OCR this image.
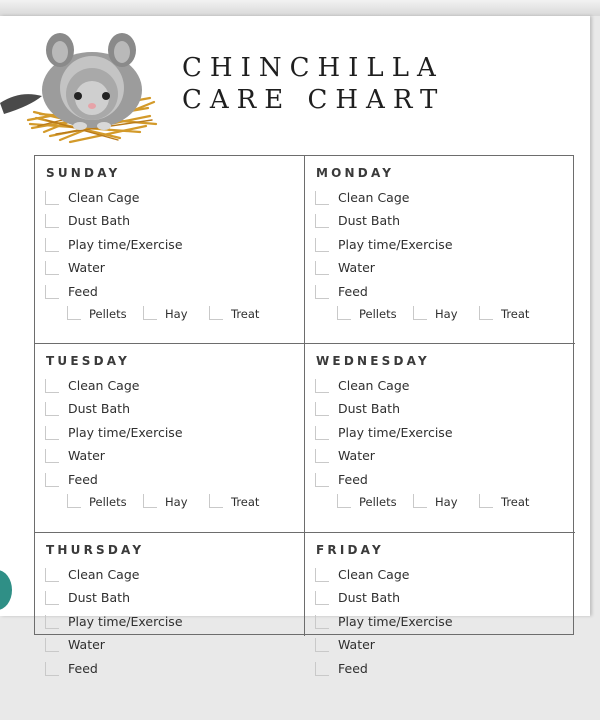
CHINCHILLA
CARE CHART
SUNDAY
Clean Cage
Dust Bath
Play time/Exercise
Water
Feed
Pellets	Hay	Treat
MONDAY
Clean Cage
Dust Bath
Play time/Exercise
Water
Feed
Pellets	Hay	Treat
TUESDAY
Clean Cage
Dust Bath
Play time/Exercise
Water
Feed
Pellets	Hay	Treat
WEDNESDAY
Clean Cage
Dust Bath
Play time/Exercise
Water
Feed
Pellets	Hay	Treat
THURSDAY
Clean Cage
Dust Bath
Play time/Exercise
Water
Feed
FRIDAY
Clean Cage
Dust Bath
Play time/Exercise
Water
Feed
